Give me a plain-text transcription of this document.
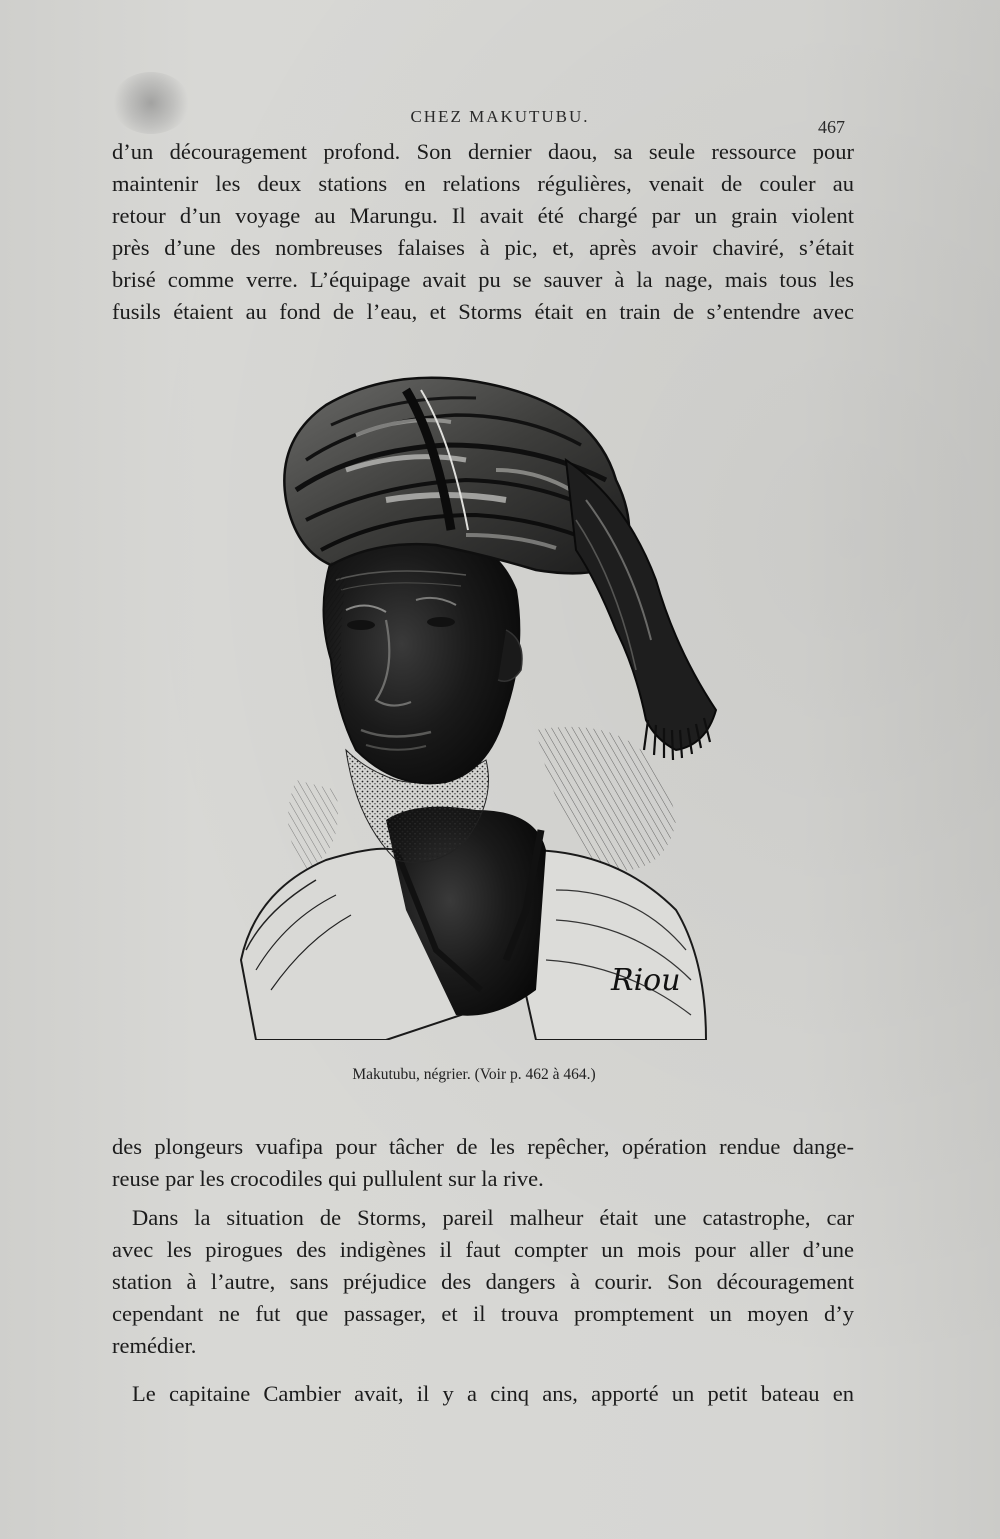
CHEZ MAKUTUBU.
467
d’un découragement profond. Son dernier daou, sa seule ressource pour
maintenir les deux stations en relations régulières, venait de couler au
retour d’un voyage au Marungu. Il avait été chargé par un grain violent
près d’une des nombreuses falaises à pic, et, après avoir chaviré, s’était
brisé comme verre. L’équipage avait pu se sauver à la nage, mais tous les
fusils étaient au fond de l’eau, et Storms était en train de s’entendre avec
Riou
Makutubu, négrier. (Voir p. 462 à 464.)
des plongeurs vuafipa pour tâcher de les repêcher, opération rendue dange-
reuse par les crocodiles qui pullulent sur la rive.
Dans la situation de Storms, pareil malheur était une catastrophe, car
avec les pirogues des indigènes il faut compter un mois pour aller d’une
station à l’autre, sans préjudice des dangers à courir. Son découragement
cependant ne fut que passager, et il trouva promptement un moyen d’y
remédier.
Le capitaine Cambier avait, il y a cinq ans, apporté un petit bateau en
